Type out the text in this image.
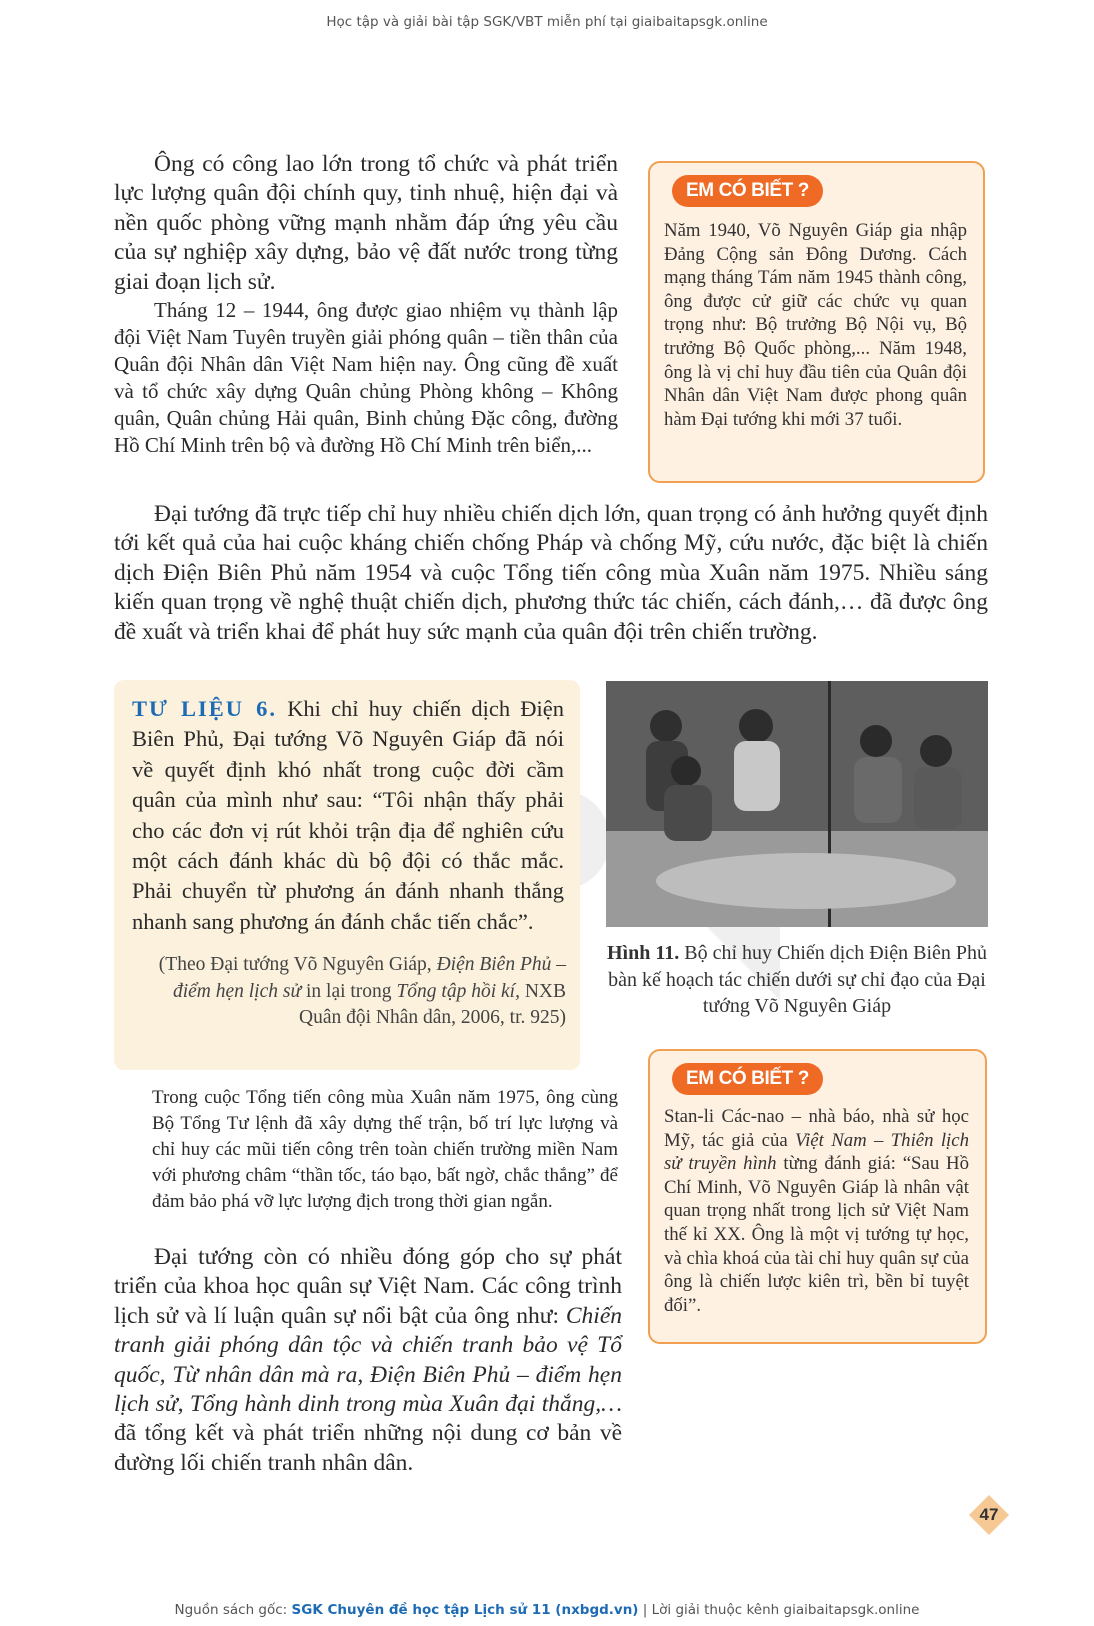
Học tập và giải bài tập SGK/VBT miễn phí tại giaibaitapsgk.online

Ông có công lao lớn trong tổ chức và phát triển lực lượng quân đội chính quy, tinh nhuệ, hiện đại và nền quốc phòng vững mạnh nhằm đáp ứng yêu cầu của sự nghiệp xây dựng, bảo vệ đất nước trong từng giai đoạn lịch sử.

Tháng 12 – 1944, ông được giao nhiệm vụ thành lập đội Việt Nam Tuyên truyền giải phóng quân – tiền thân của Quân đội Nhân dân Việt Nam hiện nay. Ông cũng đề xuất và tổ chức xây dựng Quân chủng Phòng không – Không quân, Quân chủng Hải quân, Binh chủng Đặc công, đường Hồ Chí Minh trên bộ và đường Hồ Chí Minh trên biển,...

EM CÓ BIẾT ?

Năm 1940, Võ Nguyên Giáp gia nhập Đảng Cộng sản Đông Dương. Cách mạng tháng Tám năm 1945 thành công, ông được cử giữ các chức vụ quan trọng như: Bộ trưởng Bộ Nội vụ, Bộ trưởng Bộ Quốc phòng,... Năm 1948, ông là vị chỉ huy đầu tiên của Quân đội Nhân dân Việt Nam được phong quân hàm Đại tướng khi mới 37 tuổi.

Đại tướng đã trực tiếp chỉ huy nhiều chiến dịch lớn, quan trọng có ảnh hưởng quyết định tới kết quả của hai cuộc kháng chiến chống Pháp và chống Mỹ, cứu nước, đặc biệt là chiến dịch Điện Biên Phủ năm 1954 và cuộc Tổng tiến công mùa Xuân năm 1975. Nhiều sáng kiến quan trọng về nghệ thuật chiến dịch, phương thức tác chiến, cách đánh,… đã được ông đề xuất và triển khai để phát huy sức mạnh của quân đội trên chiến trường.

TƯ LIỆU 6. Khi chỉ huy chiến dịch Điện Biên Phủ, Đại tướng Võ Nguyên Giáp đã nói về quyết định khó nhất trong cuộc đời cầm quân của mình như sau: “Tôi nhận thấy phải cho các đơn vị rút khỏi trận địa để nghiên cứu một cách đánh khác dù bộ đội có thắc mắc. Phải chuyển từ phương án đánh nhanh thắng nhanh sang phương án đánh chắc tiến chắc”.

(Theo Đại tướng Võ Nguyên Giáp, Điện Biên Phủ – điểm hẹn lịch sử in lại trong Tổng tập hồi kí, NXB Quân đội Nhân dân, 2006, tr. 925)

Hình 11. Bộ chỉ huy Chiến dịch Điện Biên Phủ bàn kế hoạch tác chiến dưới sự chỉ đạo của Đại tướng Võ Nguyên Giáp

Trong cuộc Tổng tiến công mùa Xuân năm 1975, ông cùng Bộ Tổng Tư lệnh đã xây dựng thế trận, bố trí lực lượng và chỉ huy các mũi tiến công trên toàn chiến trường miền Nam với phương châm “thần tốc, táo bạo, bất ngờ, chắc thắng” để đảm bảo phá vỡ lực lượng địch trong thời gian ngắn.

EM CÓ BIẾT ?

Stan-li Các-nao – nhà báo, nhà sử học Mỹ, tác giả của Việt Nam – Thiên lịch sử truyền hình từng đánh giá: “Sau Hồ Chí Minh, Võ Nguyên Giáp là nhân vật quan trọng nhất trong lịch sử Việt Nam thế kỉ XX. Ông là một vị tướng tự học, và chìa khoá của tài chỉ huy quân sự của ông là chiến lược kiên trì, bền bỉ tuyệt đối”.

Đại tướng còn có nhiều đóng góp cho sự phát triển của khoa học quân sự Việt Nam. Các công trình lịch sử và lí luận quân sự nổi bật của ông như: Chiến tranh giải phóng dân tộc và chiến tranh bảo vệ Tổ quốc, Từ nhân dân mà ra, Điện Biên Phủ – điểm hẹn lịch sử, Tổng hành dinh trong mùa Xuân đại thắng,… đã tổng kết và phát triển những nội dung cơ bản về đường lối chiến tranh nhân dân.

47
Nguồn sách gốc: SGK Chuyên đề học tập Lịch sử 11 (nxbgd.vn) | Lời giải thuộc kênh giaibaitapsgk.online
